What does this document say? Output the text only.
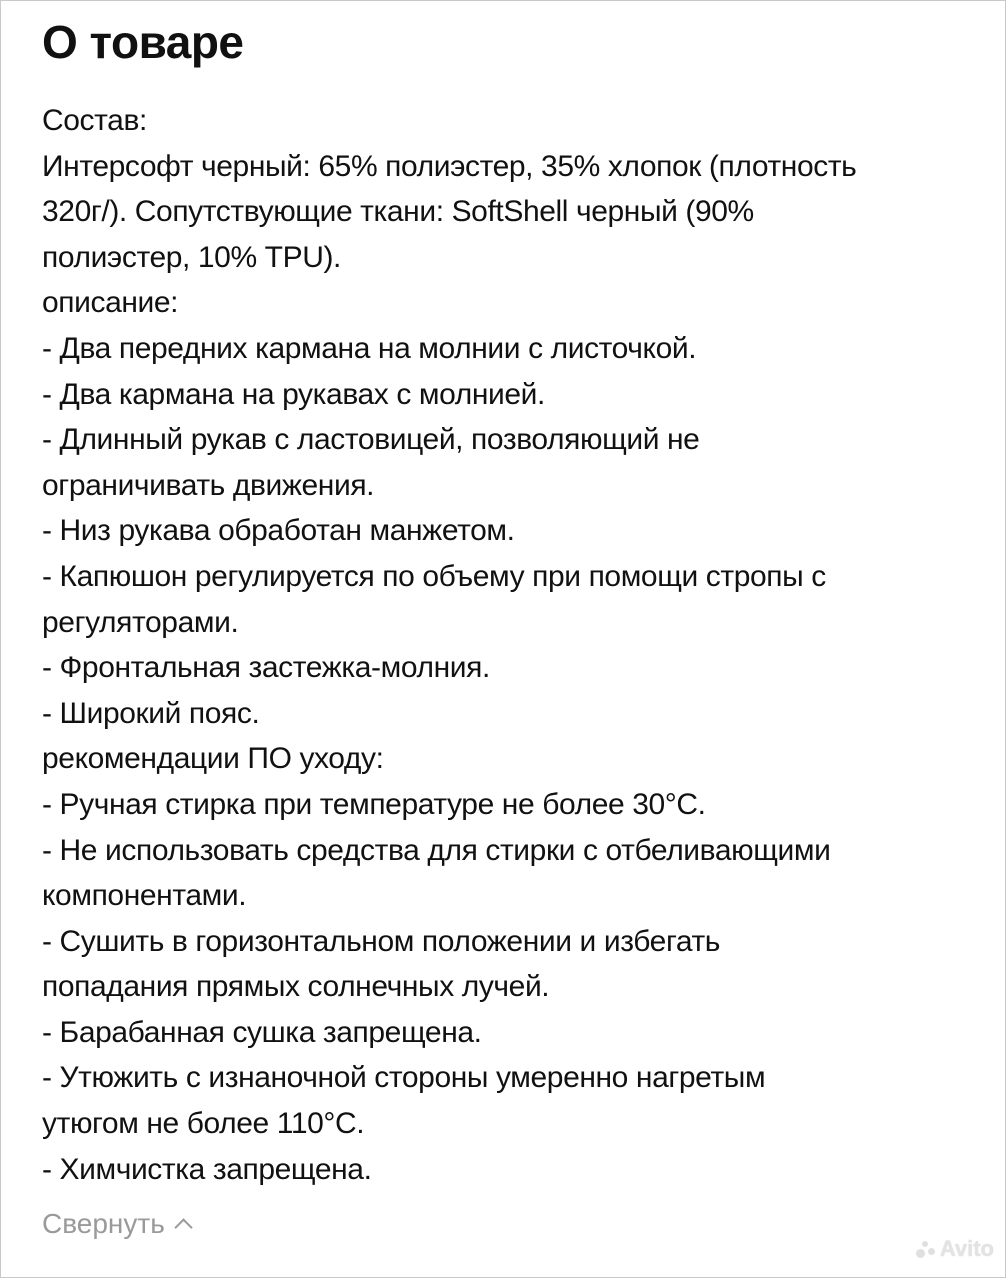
О товаре
Состав:
Интерсофт черный: 65% полиэстер, 35% хлопок (плотность
320г/). Сопутствующие ткани: SoftShell черный (90%
полиэстер, 10% TPU).
описание:
- Два передних кармана на молнии с листочкой.
- Два кармана на рукавах с молнией.
- Длинный рукав с ластовицей, позволяющий не
ограничивать движения.
- Низ рукава обработан манжетом.
- Капюшон регулируется по объему при помощи стропы с
регуляторами.
- Фронтальная застежка-молния.
- Широкий пояс.
рекомендации ПО уходу:
- Ручная стирка при температуре не более 30°С.
- Не использовать средства для стирки с отбеливающими
компонентами.
- Сушить в горизонтальном положении и избегать
попадания прямых солнечных лучей.
- Барабанная сушка запрещена.
- Утюжить с изнаночной стороны умеренно нагретым
утюгом не более 110°С.
- Химчистка запрещена.
Свернуть
Avito
